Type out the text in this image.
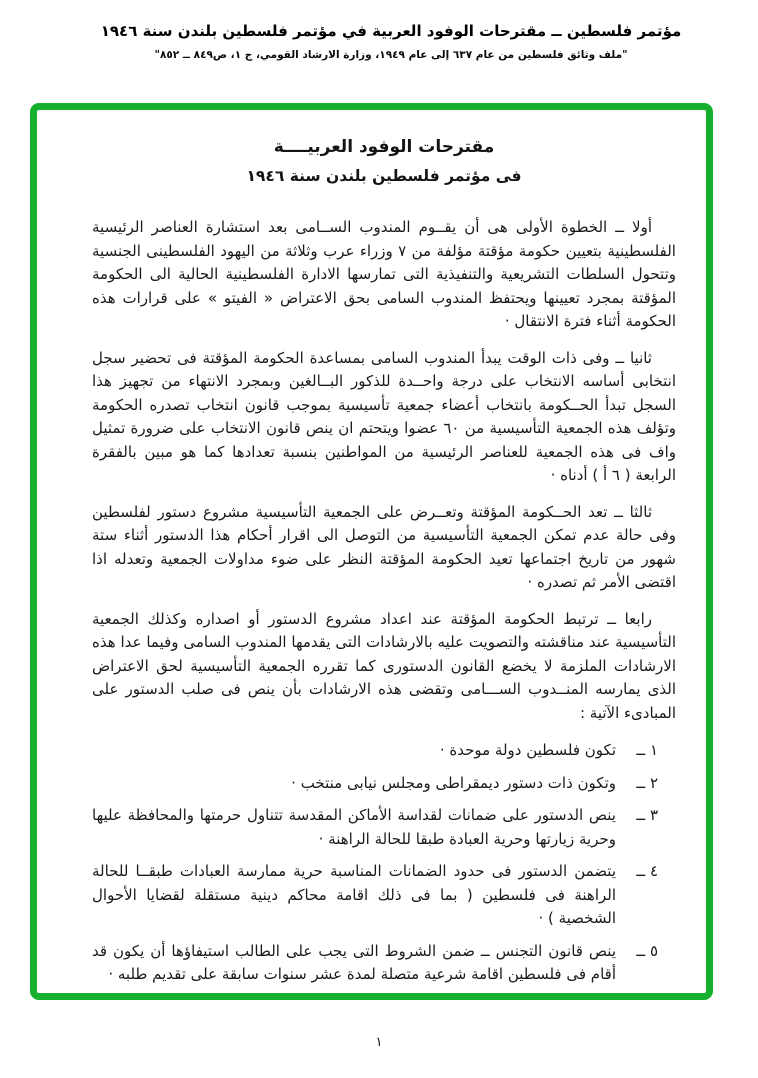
مؤتمر فلسطين ــ مقترحات الوفود العربية في مؤتمر فلسطين بلندن سنة ١٩٤٦
"ملف وثائق فلسطين من عام ٦٣٧ إلى عام ١٩٤٩، وزارة الارشاد القومي، ج ١، ص٨٤٩ ــ ٨٥٢"
مقترحات الوفود العربيــــة
فى مؤتمر فلسطين بلندن سنة ١٩٤٦

أولا ــ الخطوة الأولى هى أن يقــوم المندوب الســامى بعد استشارة العناصر الرئيسية الفلسطينية بتعيين حكومة مؤقتة مؤلفة من ٧ وزراء عرب وثلاثة من اليهود الفلسطينى الجنسية وتتحول السلطات التشريعية والتنفيذية التى تمارسها الادارة الفلسطينية الحالية الى الحكومة المؤقتة بمجرد تعيينها ويحتفظ المندوب السامى بحق الاعتراض « الفيتو » على قرارات هذه الحكومة أثناء فترة الانتقال ·

ثانيا ــ وفى ذات الوقت يبدأ المندوب السامى بمساعدة الحكومة المؤقتة فى تحضير سجل انتخابى أساسه الانتخاب على درجة واحــدة للذكور البــالغين وبمجرد الانتهاء من تجهيز هذا السجل تبدأ الحــكومة بانتخاب أعضاء جمعية تأسيسية بموجب قانون انتخاب تصدره الحكومة وتؤلف هذه الجمعية التأسيسية من ٦٠ عضوا ويتحتم ان ينص قانون الانتخاب على ضرورة تمثيل واف فى هذه الجمعية للعناصر الرئيسية من المواطنين بنسبة تعدادها كما هو مبين بالفقرة الرابعة ( ٦ أ ) أدناه ·

ثالثا ــ تعد الحــكومة المؤقتة وتعــرض على الجمعية التأسيسية مشروع دستور لفلسطين وفى حالة عدم تمكن الجمعية التأسيسية من التوصل الى اقرار أحكام هذا الدستور أثناء ستة شهور من تاريخ اجتماعها تعيد الحكومة المؤقتة النظر على ضوء مداولات الجمعية وتعدله اذا اقتضى الأمر ثم تصدره ·

رابعا ــ ترتبط الحكومة المؤقتة عند اعداد مشروع الدستور أو اصداره وكذلك الجمعية التأسيسية عند مناقشته والتصويت عليه بالارشادات التى يقدمها المندوب السامى وفيما عدا هذه الارشادات الملزمة لا يخضع القانون الدستورى كما تقرره الجمعية التأسيسية لحق الاعتراض الذى يمارسه المنــدوب الســـامى وتقضى هذه الارشادات بأن ينص فى صلب الدستور على المبادىء الآتية :

١ ــ
تكون فلسطين دولة موحدة ·
٢ ــ
وتكون ذات دستور ديمقراطى ومجلس نيابى منتخب ·
٣ ــ
ينص الدستور على ضمانات لقداسة الأماكن المقدسة تتناول حرمتها والمحافظة عليها وحرية زيارتها وحرية العبادة طبقا للحالة الراهنة ·
٤ ــ
يتضمن الدستور فى حدود الضمانات المناسبة حرية ممارسة العبادات طبقــا للحالة الراهنة فى فلسطين ( بما فى ذلك اقامة محاكم دينية مستقلة لقضايا الأحوال الشخصية ) ·
٥ ــ
ينص قانون التجنس ــ ضمن الشروط التى يجب على الطالب استيفاؤها أن يكون قد أقام فى فلسطين اقامة شرعية متصلة لمدة عشر سنوات سابقة على تقديم طلبه ·
١
